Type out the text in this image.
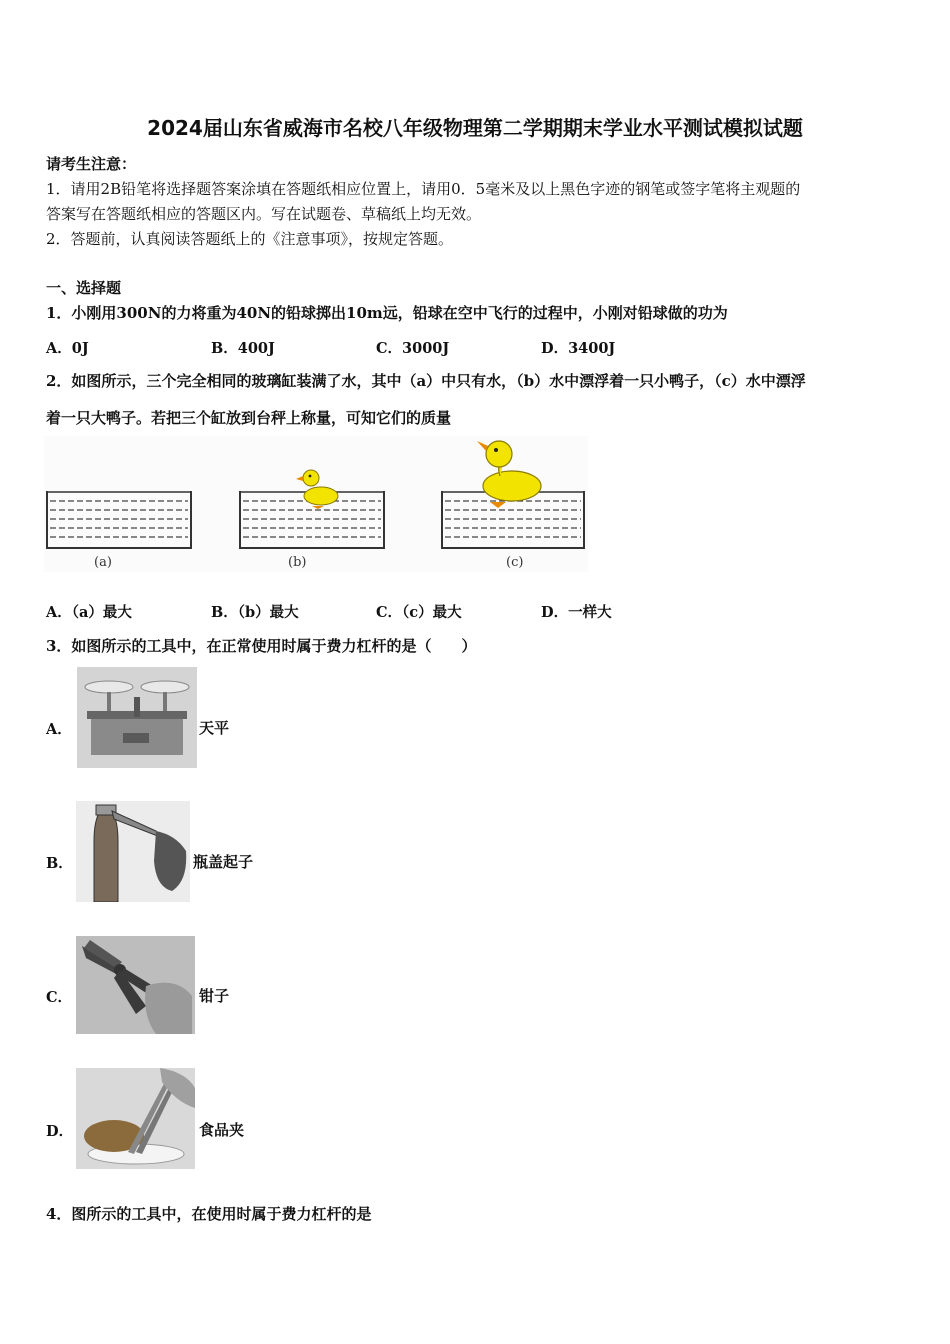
2024届山东省威海市名校八年级物理第二学期期末学业水平测试模拟试题
请考生注意：
1．请用2B铅笔将选择题答案涂填在答题纸相应位置上，请用0．5毫米及以上黑色字迹的钢笔或签字笔将主观题的
答案写在答题纸相应的答题区内。写在试题卷、草稿纸上均无效。
2．答题前，认真阅读答题纸上的《注意事项》，按规定答题。
一、选择题
1．小刚用300N的力将重为40N的铅球掷出10m远，铅球在空中飞行的过程中，小刚对铅球做的功为
A．0J	B．400J	C．3000J	D．3400J
2．如图所示，三个完全相同的玻璃缸装满了水，其中（a）中只有水，（b）水中漂浮着一只小鸭子，（c）水中漂浮
着一只大鸭子。若把三个缸放到台秤上称量，可知它们的质量
(a)	(b)	(c)
A．（a）最大	B．（b）最大	C．（c）最大	D．一样大
3．如图所示的工具中，在正常使用时属于费力杠杆的是（　　）
A．	天平
B．	瓶盖起子
C．	钳子
D．	食品夹
4．图所示的工具中，在使用时属于费力杠杆的是
